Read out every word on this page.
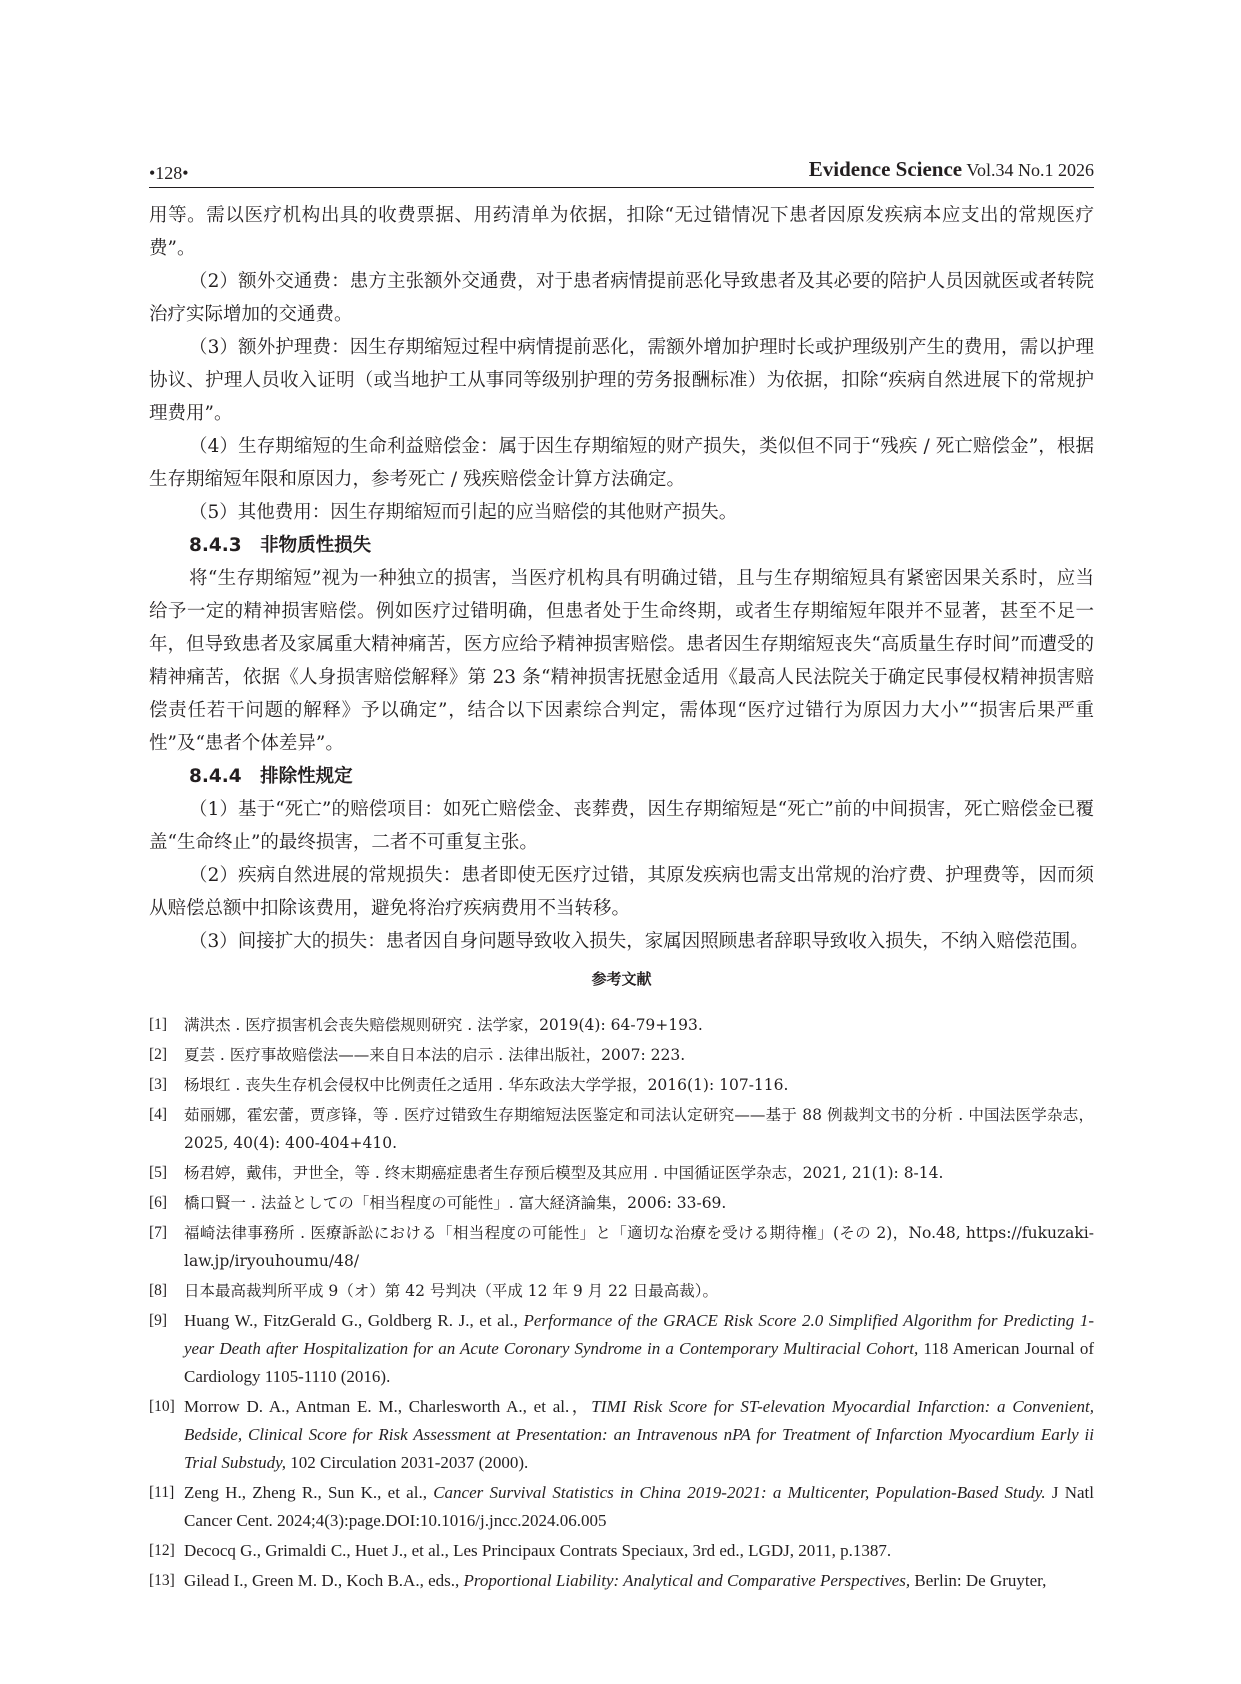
•128•	Evidence Science Vol.34 No.1 2026

用等。需以医疗机构出具的收费票据、用药清单为依据，扣除“无过错情况下患者因原发疾病本应支出的常规医疗费”。

（2）额外交通费：患方主张额外交通费，对于患者病情提前恶化导致患者及其必要的陪护人员因就医或者转院治疗实际增加的交通费。

（3）额外护理费：因生存期缩短过程中病情提前恶化，需额外增加护理时长或护理级别产生的费用，需以护理协议、护理人员收入证明（或当地护工从事同等级别护理的劳务报酬标准）为依据，扣除“疾病自然进展下的常规护理费用”。

（4）生存期缩短的生命利益赔偿金：属于因生存期缩短的财产损失，类似但不同于“残疾 / 死亡赔偿金”，根据生存期缩短年限和原因力，参考死亡 / 残疾赔偿金计算方法确定。

（5）其他费用：因生存期缩短而引起的应当赔偿的其他财产损失。

8.4.3　非物质性损失

将“生存期缩短”视为一种独立的损害，当医疗机构具有明确过错，且与生存期缩短具有紧密因果关系时，应当给予一定的精神损害赔偿。例如医疗过错明确，但患者处于生命终期，或者生存期缩短年限并不显著，甚至不足一年，但导致患者及家属重大精神痛苦，医方应给予精神损害赔偿。患者因生存期缩短丧失“高质量生存时间”而遭受的精神痛苦，依据《人身损害赔偿解释》第 23 条“精神损害抚慰金适用《最高人民法院关于确定民事侵权精神损害赔偿责任若干问题的解释》予以确定”，结合以下因素综合判定，需体现“医疗过错行为原因力大小”“损害后果严重性”及“患者个体差异”。

8.4.4　排除性规定

（1）基于“死亡”的赔偿项目：如死亡赔偿金、丧葬费，因生存期缩短是“死亡”前的中间损害，死亡赔偿金已覆盖“生命终止”的最终损害，二者不可重复主张。

（2）疾病自然进展的常规损失：患者即使无医疗过错，其原发疾病也需支出常规的治疗费、护理费等，因而须从赔偿总额中扣除该费用，避免将治疗疾病费用不当转移。

（3）间接扩大的损失：患者因自身问题导致收入损失，家属因照顾患者辞职导致收入损失，不纳入赔偿范围。

参考文献
[1] 满洪杰 . 医疗损害机会丧失赔偿规则研究 . 法学家，2019(4): 64-79+193.
[2] 夏芸 . 医疗事故赔偿法——来自日本法的启示 . 法律出版社，2007: 223.
[3] 杨垠红 . 丧失生存机会侵权中比例责任之适用 . 华东政法大学学报，2016(1): 107-116.
[4] 茹丽娜，霍宏蕾，贾彦锋，等 . 医疗过错致生存期缩短法医鉴定和司法认定研究——基于 88 例裁判文书的分析 . 中国法医学杂志，2025, 40(4): 400-404+410.
[5] 杨君婷，戴伟，尹世全，等 . 终末期癌症患者生存预后模型及其应用 . 中国循证医学杂志，2021, 21(1): 8-14.
[6] 橋口賢一 . 法益としての「相当程度の可能性」. 富大経済論集，2006: 33-69.
[7] 福崎法律事務所 . 医療訴訟における「相当程度の可能性」と「適切な治療を受ける期待権」(その 2)，No.48, https://fukuzaki-law.jp/iryouhoumu/48/
[8] 日本最高裁判所平成 9（オ）第 42 号判决（平成 12 年 9 月 22 日最高裁）。
[9] Huang W., FitzGerald G., Goldberg R. J., et al., Performance of the GRACE Risk Score 2.0 Simplified Algorithm for Predicting 1-year Death after Hospitalization for an Acute Coronary Syndrome in a Contemporary Multiracial Cohort, 118 American Journal of Cardiology 1105-1110 (2016).
[10] Morrow D. A., Antman E. M., Charlesworth A., et al.，TIMI Risk Score for ST-elevation Myocardial Infarction: a Convenient, Bedside, Clinical Score for Risk Assessment at Presentation: an Intravenous nPA for Treatment of Infarction Myocardium Early ii Trial Substudy, 102 Circulation 2031-2037 (2000).
[11] Zeng H., Zheng R., Sun K., et al., Cancer Survival Statistics in China 2019-2021: a Multicenter, Population-Based Study. J Natl Cancer Cent. 2024;4(3):page.DOI:10.1016/j.jncc.2024.06.005
[12] Decocq G., Grimaldi C., Huet J., et al., Les Principaux Contrats Speciaux, 3rd ed., LGDJ, 2011, p.1387.
[13] Gilead I., Green M. D., Koch B.A., eds., Proportional Liability: Analytical and Comparative Perspectives, Berlin: De Gruyter,
